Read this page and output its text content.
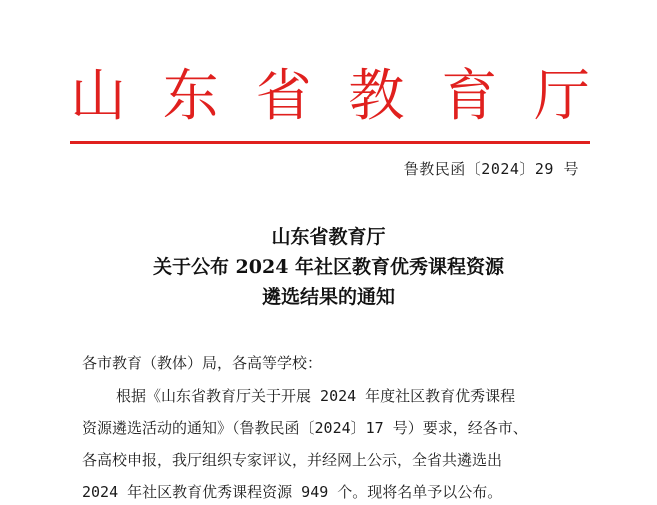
山 东 省 教 育 厅
鲁教民函〔2024〕29 号
山东省教育厅
关于公布 2024 年社区教育优秀课程资源
遴选结果的通知
各市教育（教体）局，各高等学校：
根据《山东省教育厅关于开展 2024 年度社区教育优秀课程
资源遴选活动的通知》（鲁教民函〔2024〕17 号）要求，经各市、
各高校申报，我厅组织专家评议，并经网上公示，全省共遴选出
2024 年社区教育优秀课程资源 949 个。现将名单予以公布。
